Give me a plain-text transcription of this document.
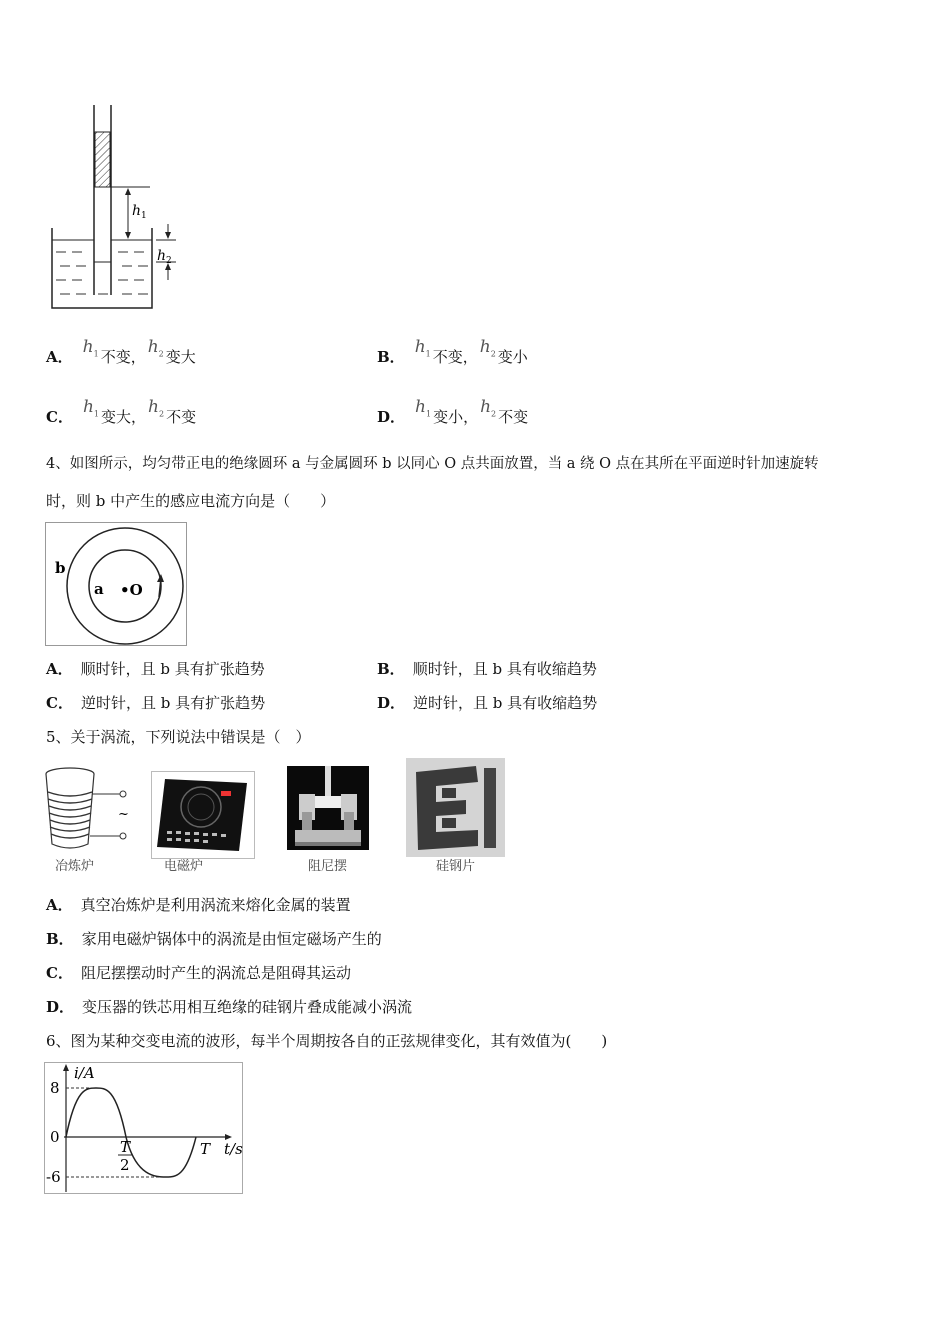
$h_1$
$h_2$
A． $h_1$ 不变， $h_2$ 变大	B． $h_1$ 不变， $h_2$ 变小
C． $h_1$ 变大， $h_2$ 不变	D． $h_1$ 变小， $h_2$ 不变
4、如图所示，均匀带正电的绝缘圆环 a 与金属圆环 b 以同心 O 点共面放置，当 a 绕 O 点在其所在平面逆时针加速旋转
时，则 b 中产生的感应电流方向是（　　）
b
a •O
A． 顺时针，且 b 具有扩张趋势	B． 顺时针，且 b 具有收缩趋势
C． 逆时针，且 b 具有扩张趋势	D． 逆时针，且 b 具有收缩趋势
5、关于涡流，下列说法中错误是（　）
~
冶炼炉	电磁炉	阻尼摆	硅钢片
A． 真空冶炼炉是利用涡流来熔化金属的装置
B． 家用电磁炉锅体中的涡流是由恒定磁场产生的
C． 阻尼摆摆动时产生的涡流总是阻碍其运动
D． 变压器的铁芯用相互绝缘的硅钢片叠成能减小涡流
6、图为某种交变电流的波形，每半个周期按各自的正弦规律变化，其有效值为(　　)
i/A
8
0
-6
T
2
T t/s
